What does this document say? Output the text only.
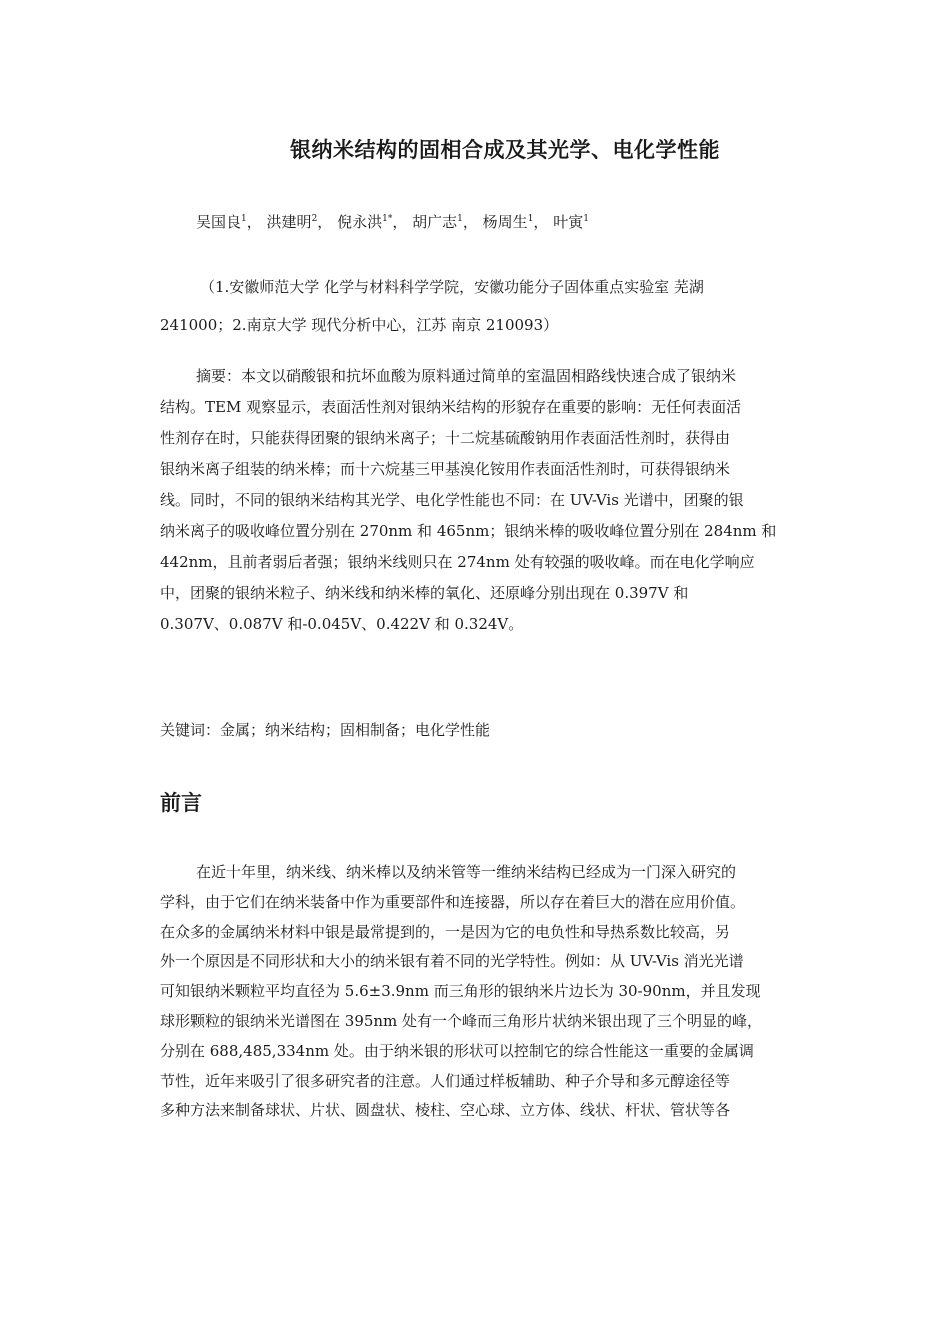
银纳米结构的固相合成及其光学、电化学性能
吴国良$^1$， 洪建明$^2$， 倪永洪$^{1*}$， 胡广志$^1$， 杨周生$^1$， 叶寅$^1$
（1.安徽师范大学 化学与材料科学学院，安徽功能分子固体重点实验室 芜湖
241000；2.南京大学 现代分析中心，江苏 南京 210093）
摘要：本文以硝酸银和抗坏血酸为原料通过简单的室温固相路线快速合成了银纳米
结构。TEM 观察显示，表面活性剂对银纳米结构的形貌存在重要的影响：无任何表面活
性剂存在时，只能获得团聚的银纳米离子；十二烷基硫酸钠用作表面活性剂时，获得由
银纳米离子组装的纳米棒；而十六烷基三甲基溴化铵用作表面活性剂时，可获得银纳米
线。同时，不同的银纳米结构其光学、电化学性能也不同：在 UV-Vis 光谱中，团聚的银
纳米离子的吸收峰位置分别在 270nm 和 465nm；银纳米棒的吸收峰位置分别在 284nm 和
442nm，且前者弱后者强；银纳米线则只在 274nm 处有较强的吸收峰。而在电化学响应
中，团聚的银纳米粒子、纳米线和纳米棒的氧化、还原峰分别出现在 0.397V 和
0.307V、0.087V 和-0.045V、0.422V 和 0.324V。
关键词：金属；纳米结构；固相制备；电化学性能
前言
在近十年里，纳米线、纳米棒以及纳米管等一维纳米结构已经成为一门深入研究的
学科，由于它们在纳米装备中作为重要部件和连接器，所以存在着巨大的潜在应用价值。
在众多的金属纳米材料中银是最常提到的，一是因为它的电负性和导热系数比较高，另
外一个原因是不同形状和大小的纳米银有着不同的光学特性。例如：从 UV-Vis 消光光谱
可知银纳米颗粒平均直径为 5.6±3.9nm 而三角形的银纳米片边长为 30-90nm，并且发现
球形颗粒的银纳米光谱图在 395nm 处有一个峰而三角形片状纳米银出现了三个明显的峰，
分别在 688,485,334nm 处。由于纳米银的形状可以控制它的综合性能这一重要的金属调
节性，近年来吸引了很多研究者的注意。人们通过样板辅助、种子介导和多元醇途径等
多种方法来制备球状、片状、圆盘状、棱柱、空心球、立方体、线状、杆状、管状等各
